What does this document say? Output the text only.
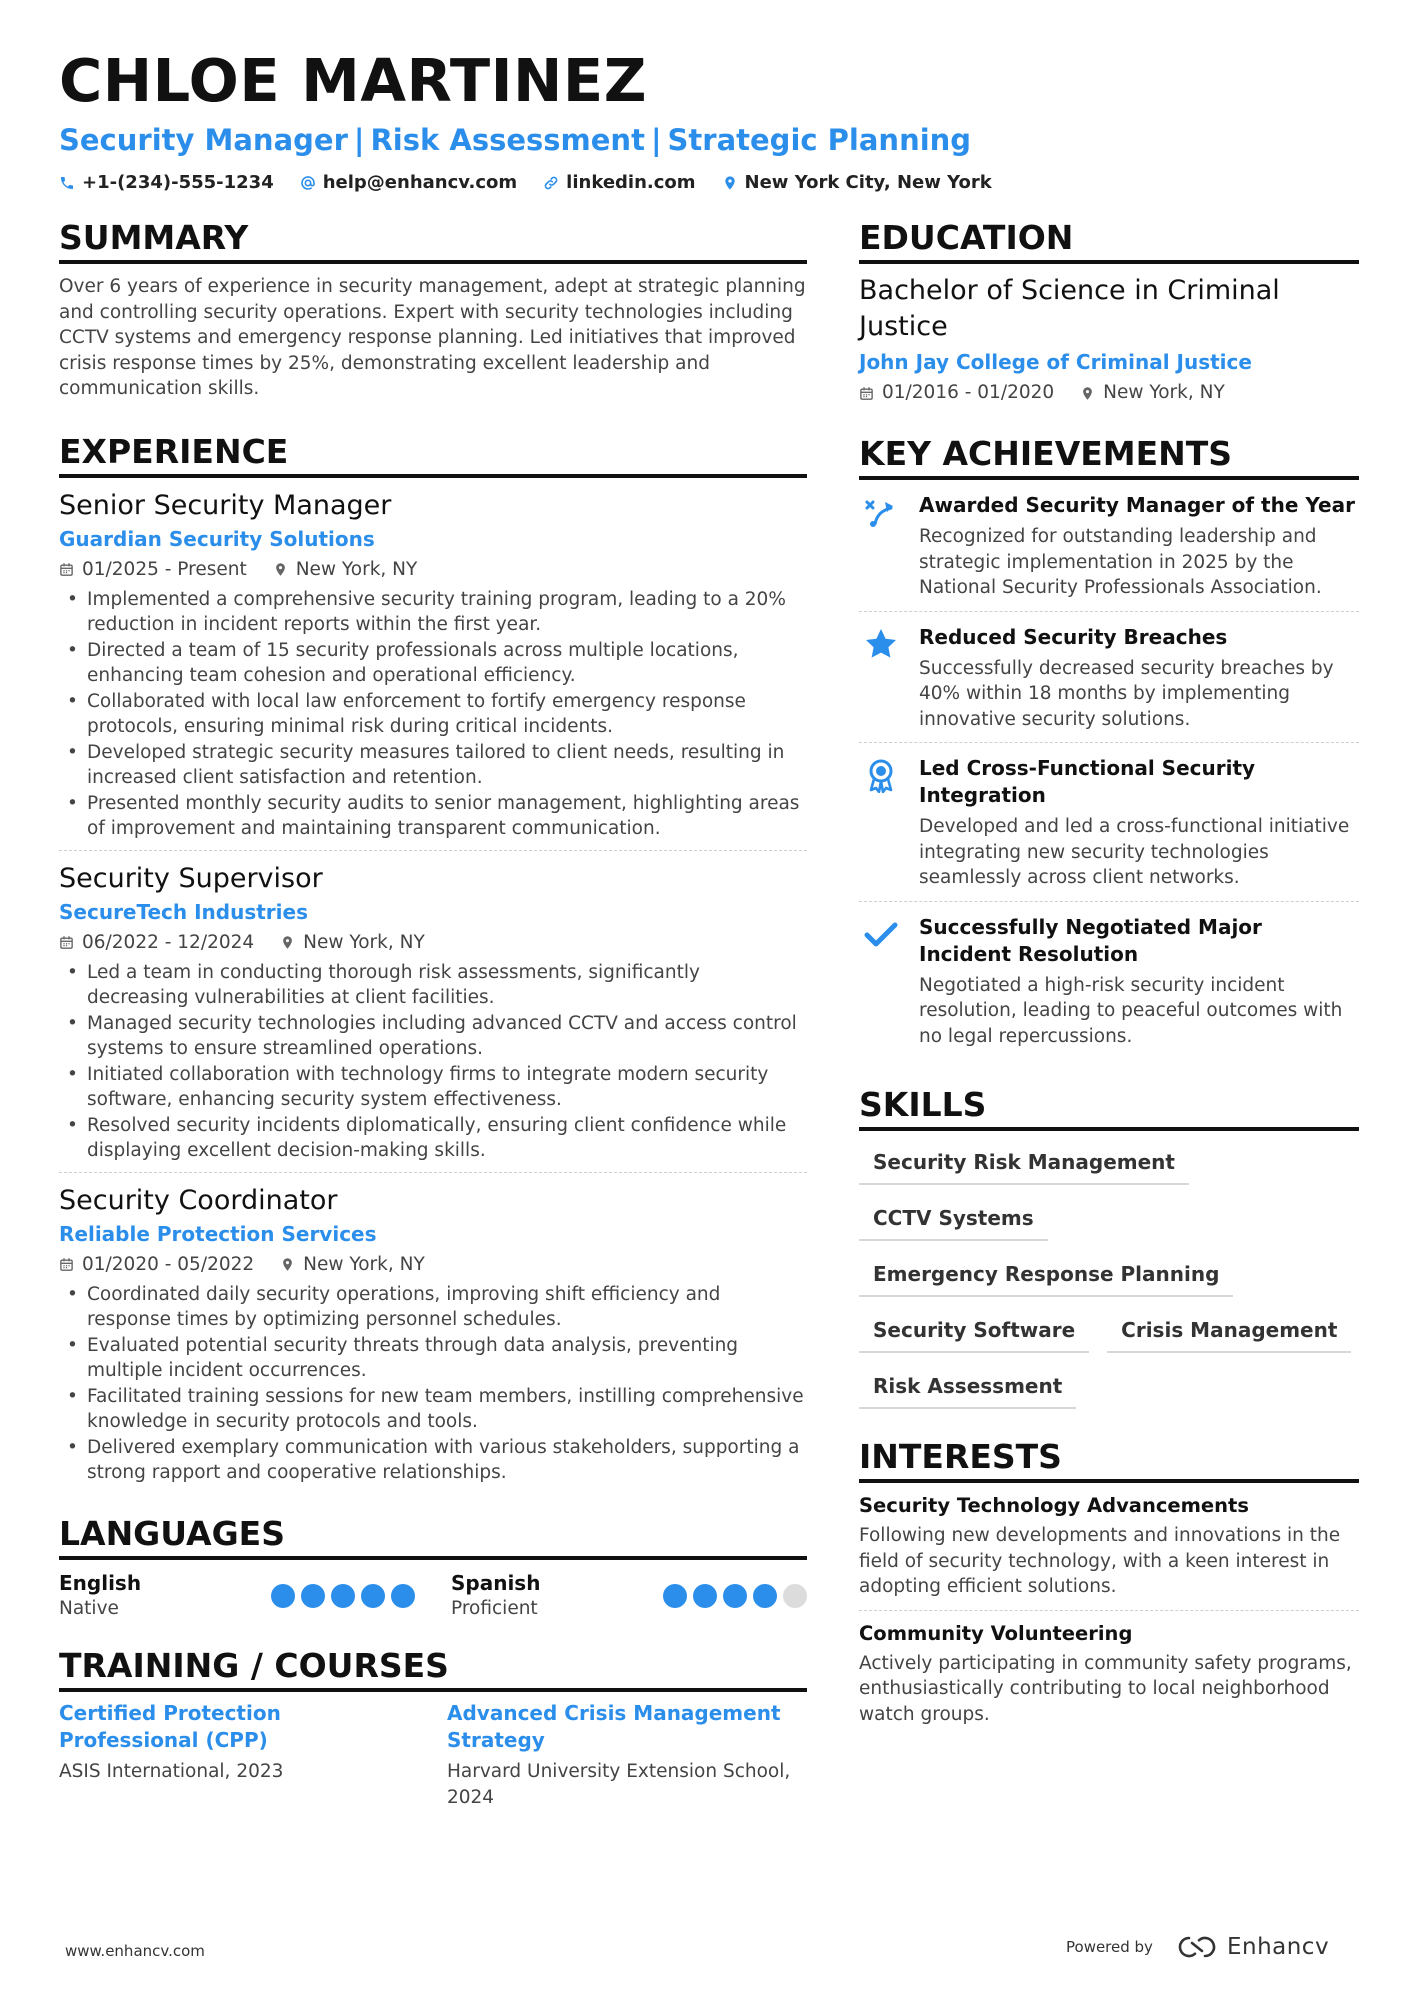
CHLOE MARTINEZ
Security Manager | Risk Assessment | Strategic Planning
+1-(234)-555-1234	help@enhancv.com	linkedin.com	New York City, New York
SUMMARY
Over 6 years of experience in security management, adept at strategic planning and controlling security operations. Expert with security technologies including CCTV systems and emergency response planning. Led initiatives that improved crisis response times by 25%, demonstrating excellent leadership and communication skills.
EXPERIENCE
Senior Security Manager
Guardian Security Solutions
01/2025 - Present	New York, NY
• Implemented a comprehensive security training program, leading to a 20% reduction in incident reports within the first year.
• Directed a team of 15 security professionals across multiple locations, enhancing team cohesion and operational efficiency.
• Collaborated with local law enforcement to fortify emergency response protocols, ensuring minimal risk during critical incidents.
• Developed strategic security measures tailored to client needs, resulting in increased client satisfaction and retention.
• Presented monthly security audits to senior management, highlighting areas of improvement and maintaining transparent communication.
Security Supervisor
SecureTech Industries
06/2022 - 12/2024	New York, NY
• Led a team in conducting thorough risk assessments, significantly decreasing vulnerabilities at client facilities.
• Managed security technologies including advanced CCTV and access control systems to ensure streamlined operations.
• Initiated collaboration with technology firms to integrate modern security software, enhancing security system effectiveness.
• Resolved security incidents diplomatically, ensuring client confidence while displaying excellent decision-making skills.
Security Coordinator
Reliable Protection Services
01/2020 - 05/2022	New York, NY
• Coordinated daily security operations, improving shift efficiency and response times by optimizing personnel schedules.
• Evaluated potential security threats through data analysis, preventing multiple incident occurrences.
• Facilitated training sessions for new team members, instilling comprehensive knowledge in security protocols and tools.
• Delivered exemplary communication with various stakeholders, supporting a strong rapport and cooperative relationships.
LANGUAGES
English
Native
Spanish
Proficient
TRAINING / COURSES
Certified Protection Professional (CPP)
ASIS International, 2023
Advanced Crisis Management Strategy
Harvard University Extension School, 2024
EDUCATION
Bachelor of Science in Criminal Justice
John Jay College of Criminal Justice
01/2016 - 01/2020	New York, NY
KEY ACHIEVEMENTS
Awarded Security Manager of the Year
Recognized for outstanding leadership and strategic implementation in 2025 by the National Security Professionals Association.
Reduced Security Breaches
Successfully decreased security breaches by 40% within 18 months by implementing innovative security solutions.
Led Cross-Functional Security Integration
Developed and led a cross-functional initiative integrating new security technologies seamlessly across client networks.
Successfully Negotiated Major Incident Resolution
Negotiated a high-risk security incident resolution, leading to peaceful outcomes with no legal repercussions.
SKILLS
Security Risk Management
CCTV Systems
Emergency Response Planning
Security Software	Crisis Management
Risk Assessment
INTERESTS
Security Technology Advancements
Following new developments and innovations in the field of security technology, with a keen interest in adopting efficient solutions.
Community Volunteering
Actively participating in community safety programs, enthusiastically contributing to local neighborhood watch groups.
www.enhancv.com	Powered by	Enhancv
